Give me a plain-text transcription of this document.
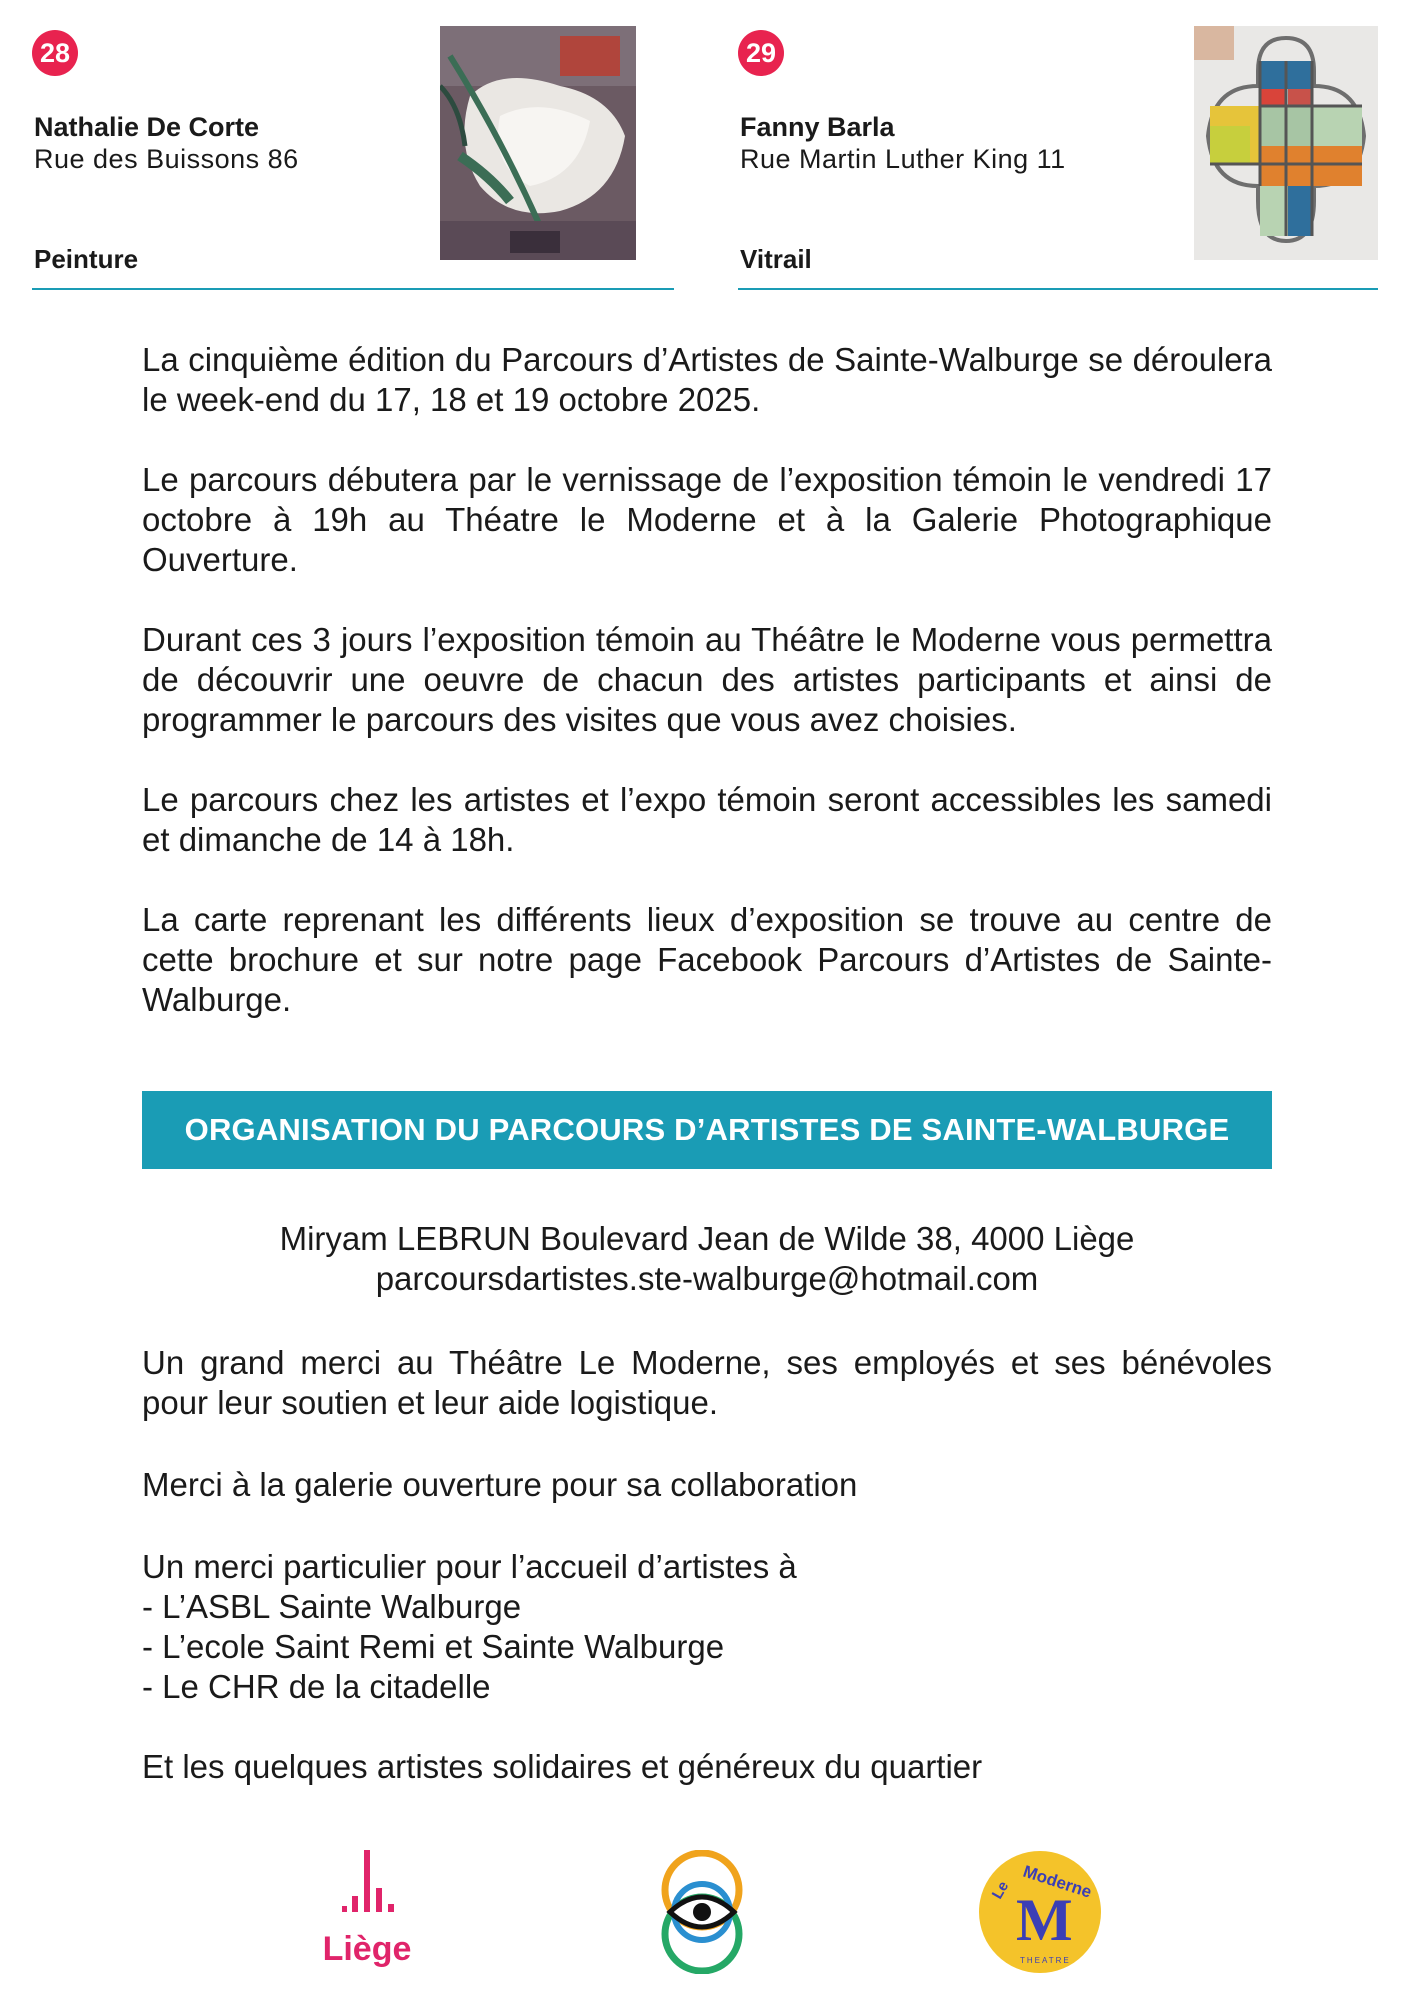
28
Nathalie De Corte
Rue des Buissons 86
Peinture
29
Fanny Barla
Rue Martin Luther King 11
Vitrail

La cinquième édition du Parcours d’Artistes de Sainte-Walburge se déroulera le week-end du 17, 18 et 19 octobre 2025.

Le parcours débutera par le vernissage de l’exposition témoin le vendredi 17 octobre à 19h au Théatre le Moderne et à la Galerie Photographique Ouverture.

Durant ces 3 jours l’exposition témoin au Théâtre le Moderne vous permettra de découvrir une oeuvre de chacun des artistes participants et ainsi de programmer le parcours des visites que vous avez choisies.

Le parcours chez les artistes et l’expo témoin seront accessibles les samedi et dimanche de 14 à 18h.

La carte reprenant les différents lieux d’exposition se trouve au centre de cette brochure et sur notre page Facebook Parcours d’Artistes de Sainte-Walburge.

ORGANISATION DU PARCOURS D’ARTISTES DE SAINTE-WALBURGE
Miryam LEBRUN Boulevard Jean de Wilde 38, 4000 Liège
parcoursdartistes.ste-walburge@hotmail.com

Un grand merci au Théâtre Le Moderne, ses employés et ses bénévoles pour leur soutien et leur aide logistique.

Merci à la galerie ouverture pour sa collaboration
Un merci particulier pour l’accueil d’artistes à
- L’ASBL Sainte Walburge
- L’ecole Saint Remi et Sainte Walburge
- Le CHR de la citadelle
Et les quelques artistes solidaires et généreux du quartier
Liège
Le Moderne
M
THEATRE
